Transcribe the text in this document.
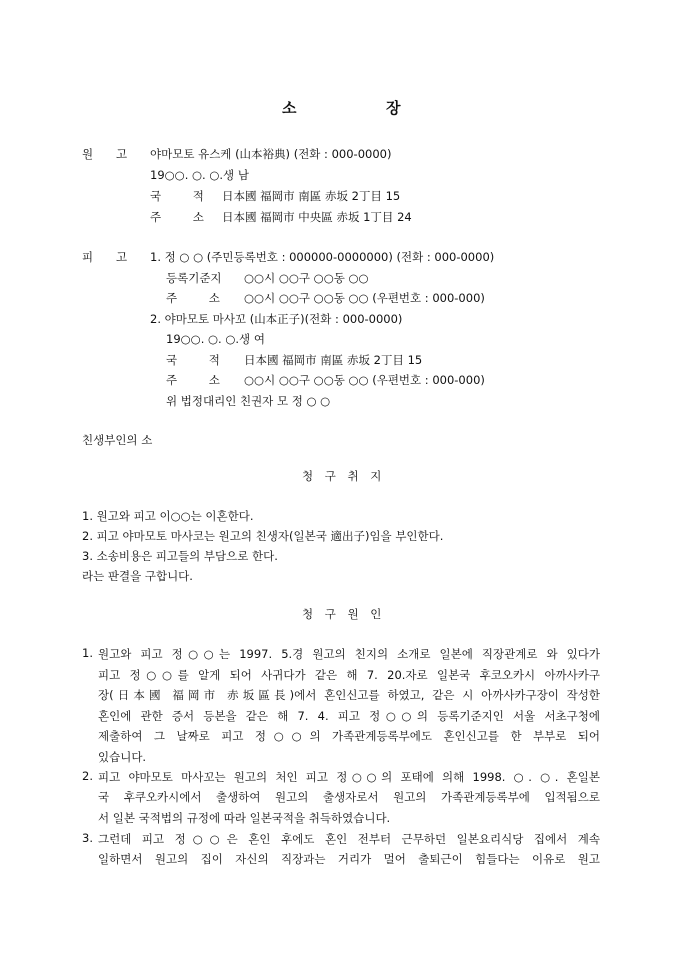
소	장
원 고 야마모토 유스케 (山本裕典) (전화 : 000-0000)
19○○. ○. ○.생 남
국 적 日本國 福岡市 南區 赤坂 2丁目 15
주 소 日本國 福岡市 中央區 赤坂 1丁目 24
피 고 1. 정 ○ ○ (주민등록번호 : 000000-0000000) (전화 : 000-0000)
등록기준지 ○○시 ○○구 ○○동 ○○
주 소 ○○시 ○○구 ○○동 ○○ (우편번호 : 000-000)
2. 야마모토 마사꼬 (山本正子)(전화 : 000-0000)
19○○. ○. ○.생 여
국 적 日本國 福岡市 南區 赤坂 2丁目 15
주 소 ○○시 ○○구 ○○동 ○○ (우편번호 : 000-000)
위 법정대리인 친권자 모 정 ○ ○
친생부인의 소
청 구 취 지
1. 원고와 피고 이○○는 이혼한다.
2. 피고 야마모토 마사코는 원고의 친생자(일본국 適出子)임을 부인한다.
3. 소송비용은 피고들의 부담으로 한다.
라는 판결을 구합니다.
청 구 원 인
1. 원고와 피고 정○○는 1997. 5.경 원고의 친지의 소개로 일본에 직장관계로 와 있다가
피고 정○○를 알게 되어 사귀다가 같은 해 7. 20.자로 일본국 후코오카시 아까사카구
장(日本國 福岡市 赤坂區長)에서 혼인신고를 하였고, 같은 시 아까사카구장이 작성한
혼인에 관한 증서 등본을 같은 해 7. 4. 피고 정○○의 등록기준지인 서울 서초구청에
제출하여 그 날짜로 피고 정○○의 가족관계등록부에도 혼인신고를 한 부부로 되어
있습니다.
2. 피고 야마모토 마사꼬는 원고의 처인 피고 정○○의 포태에 의해 1998. ○. ○. 혼일본
국 후쿠오카시에서 출생하여 원고의 출생자로서 원고의 가족관계등록부에 입적됨으로
서 일본 국적법의 규정에 따라 일본국적을 취득하였습니다.
3. 그런데 피고 정○○은 혼인 후에도 혼인 전부터 근무하던 일본요리식당 집에서 계속
일하면서 원고의 집이 자신의 직장과는 거리가 멀어 출퇴근이 힘들다는 이유로 원고
